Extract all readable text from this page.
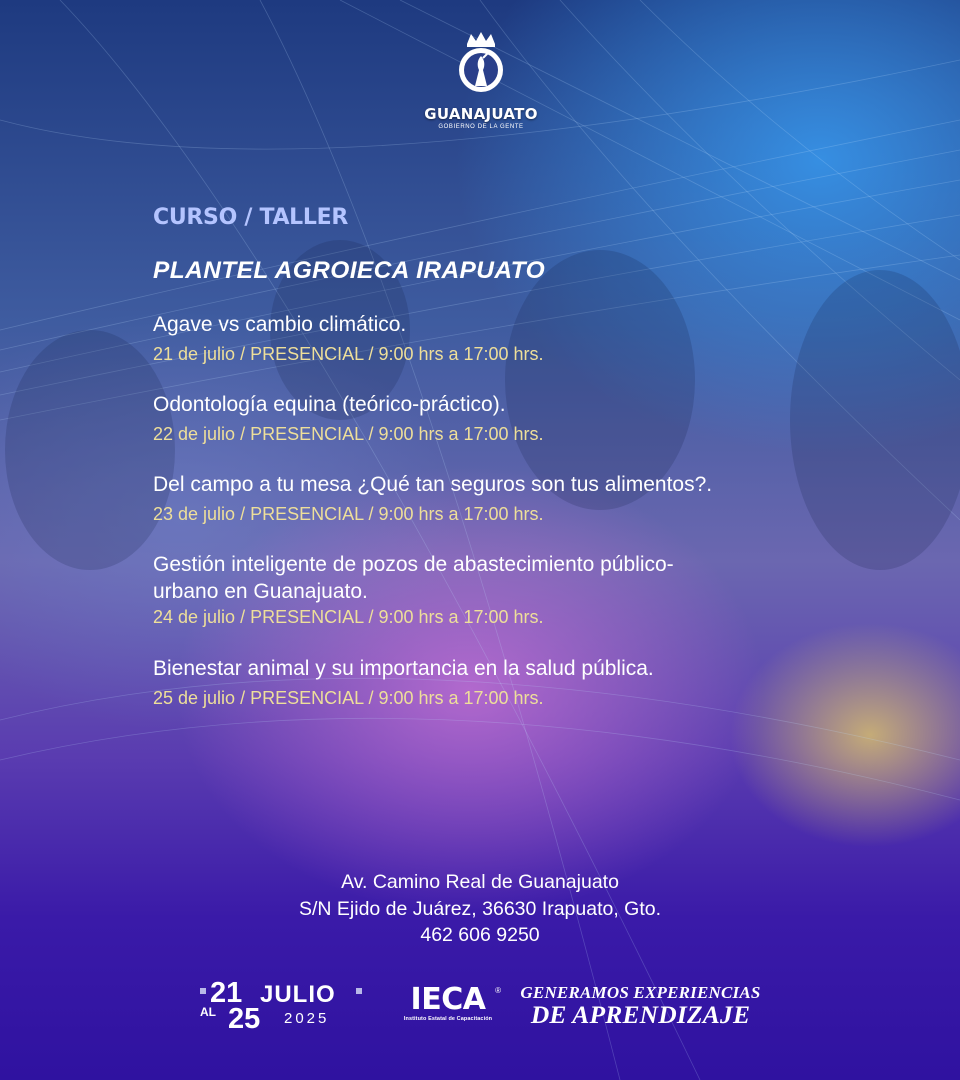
GUANAJUATO
GOBIERNO DE LA GENTE
CURSO / TALLER
PLANTEL AGROIECA IRAPUATO
Agave vs cambio climático.
21 de julio / PRESENCIAL / 9:00 hrs a 17:00 hrs.
Odontología equina (teórico-práctico).
22 de julio / PRESENCIAL / 9:00 hrs a 17:00 hrs.
Del campo a tu mesa ¿Qué tan seguros son tus alimentos?.
23 de julio / PRESENCIAL / 9:00 hrs a 17:00 hrs.
Gestión inteligente de pozos de abastecimiento público-
urbano en Guanajuato.
24 de julio / PRESENCIAL / 9:00 hrs a 17:00 hrs.
Bienestar animal y su importancia en la salud pública.
25 de julio / PRESENCIAL / 9:00 hrs a 17:00 hrs.
Av. Camino Real de Guanajuato
S/N Ejido de Juárez, 36630 Irapuato, Gto.
462 606 9250
21
AL 25
JULIO
2025
IECA	®
Instituto Estatal de Capacitación
GENERAMOS EXPERIENCIAS
DE APRENDIZAJE
